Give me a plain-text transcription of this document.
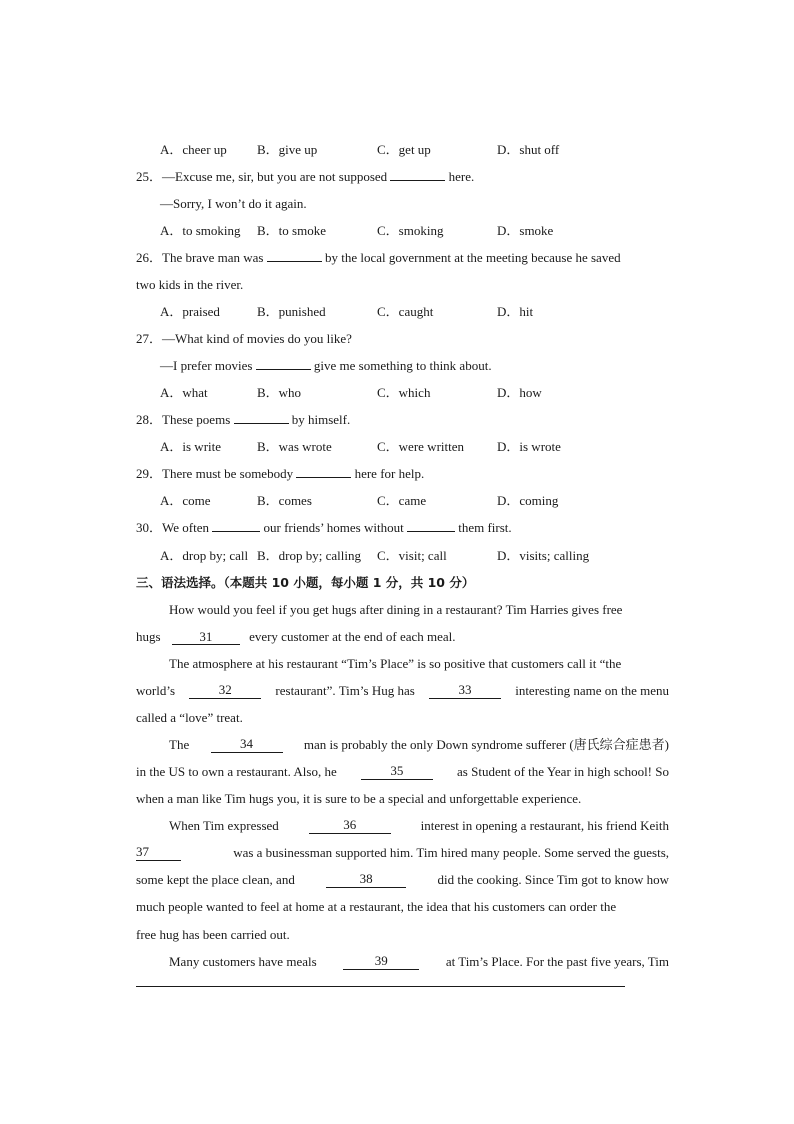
A．cheer up B．give up	C．get up	D．shut off
25．—Excuse me, sir, but you are not supposed	here.
—Sorry, I won’t do it again.
A．to smoking B．to smoke	C．smoking	D．smoke
26．The brave man was	by the local government at the meeting because he saved
two kids in the river.
A．praised	B．punished	C．caught	D．hit
27．—What kind of movies do you like?
—I prefer movies	give me something to think about.
A．what	B．who	C．which	D．how
28．These poems	by himself.
A．is write	B．was wrote	C．were written	D．is wrote
29．There must be somebody	here for help.
A．come	B．comes	C．came	D．coming
30．We often	our friends’ homes without	them first.
A．drop by; call B．drop by; calling C．visit; call	D．visits; calling
三、语法选择。（本题共 10 小题，每小题 1 分，共 10 分）
How would you feel if you get hugs after dining in a restaurant? Tim Harries gives free
hugs	31	every customer at the end of each meal.
The atmosphere at his restaurant “Tim’s Place” is so positive that customers call it “the
world’s	32	restaurant”. Tim’s Hug has	33	interesting name on the menu
called a “love” treat.
The	34	man is probably the only Down syndrome sufferer (唐氏综合症患者)
in the US to own a restaurant. Also, he	35	as Student of the Year in high school! So
when a man like Tim hugs you, it is sure to be a special and unforgettable experience.
When Tim expressed	36	interest in opening a restaurant, his friend Keith
37	was a businessman supported him. Tim hired many people. Some served the guests,
some kept the place clean, and	38	did the cooking. Since Tim got to know how
much people wanted to feel at home at a restaurant, the idea that his customers can order the
free hug has been carried out.
Many customers have meals	39	at Tim’s Place. For the past five years, Tim
